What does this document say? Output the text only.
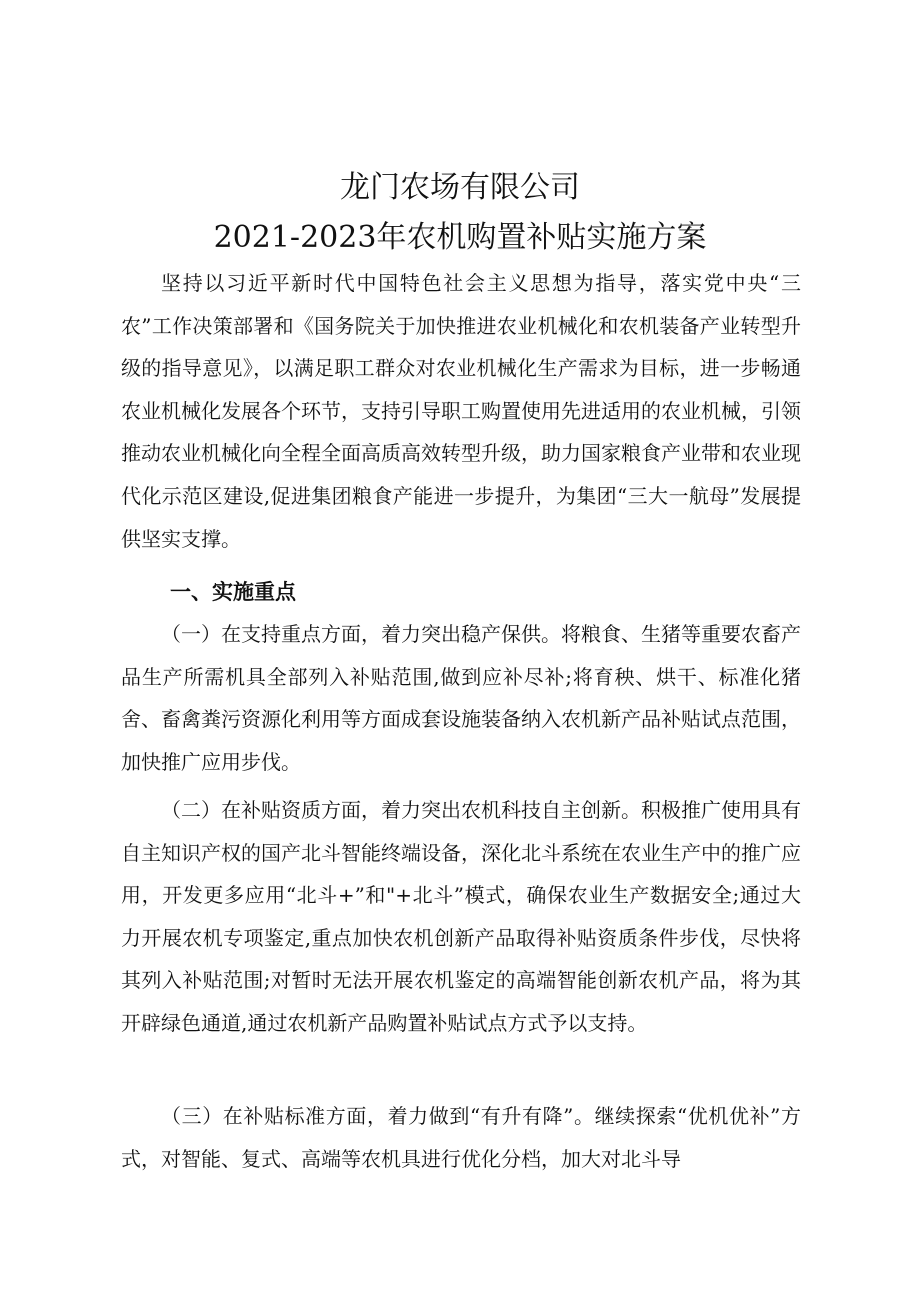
龙门农场有限公司
2021-2023年农机购置补贴实施方案

坚持以习近平新时代中国特色社会主义思想为指导，落实党中央“三农”工作决策部署和《国务院关于加快推进农业机械化和农机装备产业转型升级的指导意见》，以满足职工群众对农业机械化生产需求为目标，进一步畅通农业机械化发展各个环节，支持引导职工购置使用先进适用的农业机械，引领推动农业机械化向全程全面高质高效转型升级，助力国家粮食产业带和农业现代化示范区建设,促进集团粮食产能进一步提升，为集团“三大一航母”发展提供坚实支撑。

一、实施重点

（一）在支持重点方面，着力突出稳产保供。将粮食、生猪等重要农畜产品生产所需机具全部列入补贴范围,做到应补尽补;将育秧、烘干、标准化猪舍、畜禽粪污资源化利用等方面成套设施装备纳入农机新产品补贴试点范围，加快推广应用步伐。

（二）在补贴资质方面，着力突出农机科技自主创新。积极推广使用具有自主知识产权的国产北斗智能终端设备，深化北斗系统在农业生产中的推广应用，开发更多应用“北斗+”和"+北斗”模式，确保农业生产数据安全;通过大力开展农机专项鉴定,重点加快农机创新产品取得补贴资质条件步伐，尽快将其列入补贴范围;对暂时无法开展农机鉴定的高端智能创新农机产品，将为其开辟绿色通道,通过农机新产品购置补贴试点方式予以支持。

（三）在补贴标准方面，着力做到“有升有降”。继续探索“优机优补”方式，对智能、复式、高端等农机具进行优化分档，加大对北斗导
